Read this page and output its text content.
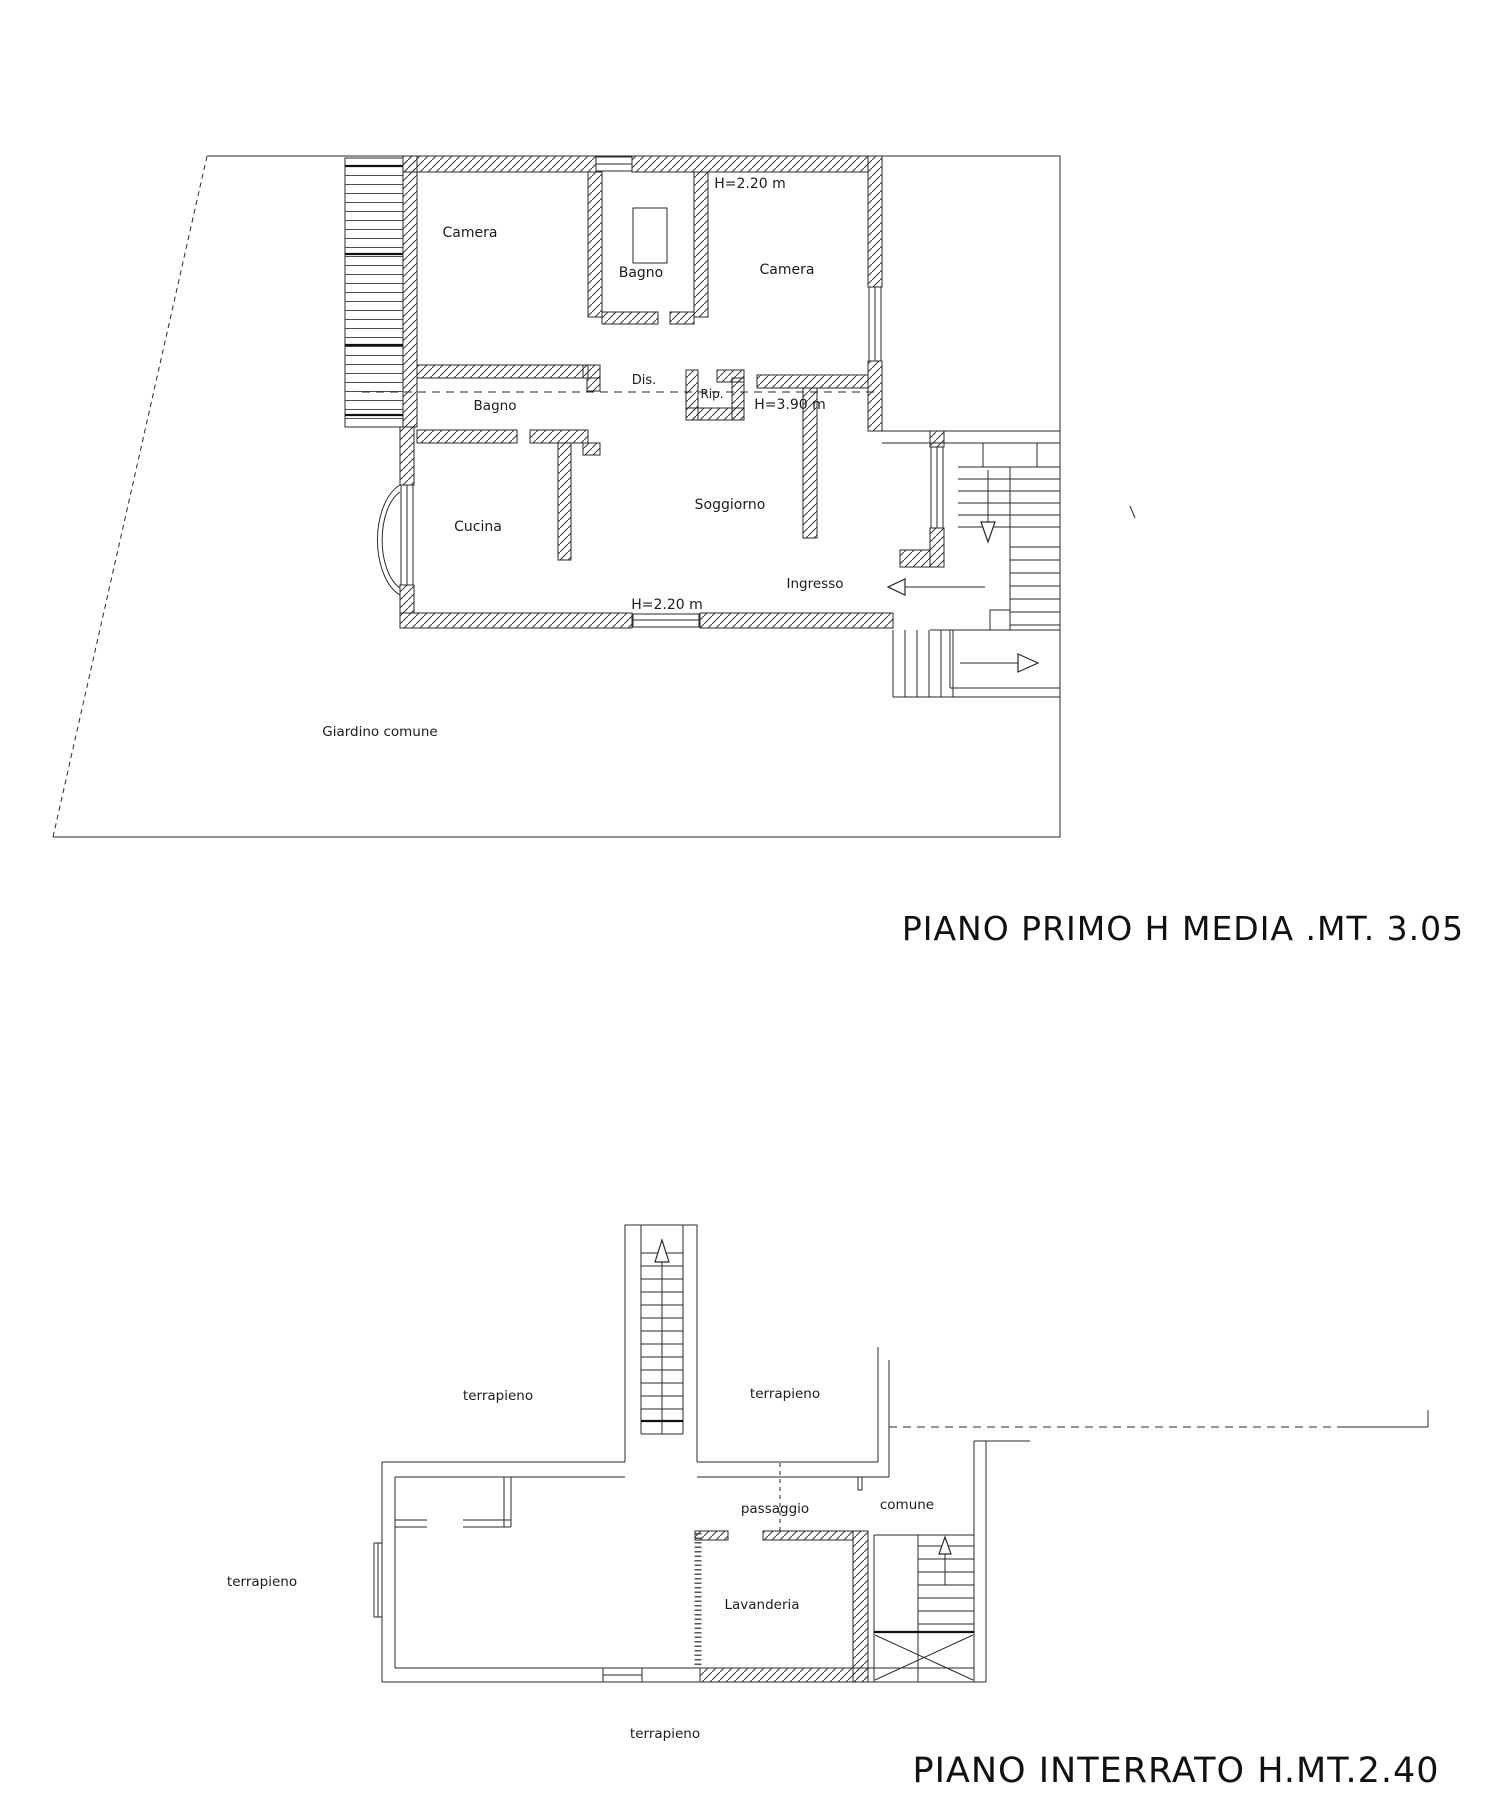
H=2.20 m
Camera
Bagno	Camera
Dis.
Rip.
H=3.90 m
Bagno
Cucina
Soggiorno
Ingresso
H=2.20 m
Giardino comune
PIANO PRIMO H MEDIA .MT. 3.05
terrapieno	terrapieno
terrapieno
terrapieno
passaggio	comune
Lavanderia
PIANO INTERRATO H.MT.2.40
